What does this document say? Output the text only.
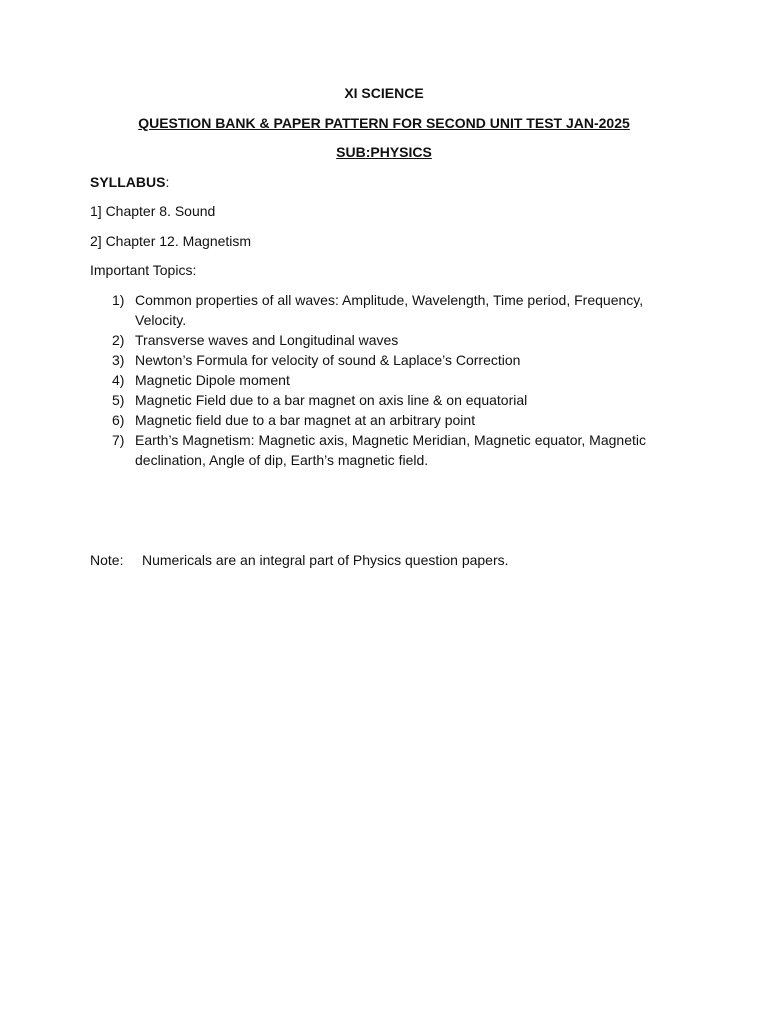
XI SCIENCE
QUESTION BANK & PAPER PATTERN FOR SECOND UNIT TEST JAN-2025
SUB:PHYSICS
SYLLABUS:
1] Chapter 8. Sound
2] Chapter 12. Magnetism
Important Topics:
1) Common properties of all waves: Amplitude, Wavelength, Time period, Frequency, Velocity.
2) Transverse waves and Longitudinal waves
3) Newton’s Formula for velocity of sound & Laplace’s Correction
4) Magnetic Dipole moment
5) Magnetic Field due to a bar magnet on axis line & on equatorial
6) Magnetic field due to a bar magnet at an arbitrary point
7) Earth’s Magnetism: Magnetic axis, Magnetic Meridian, Magnetic equator, Magnetic declination, Angle of dip, Earth’s magnetic field.
Note: Numericals are an integral part of Physics question papers.
